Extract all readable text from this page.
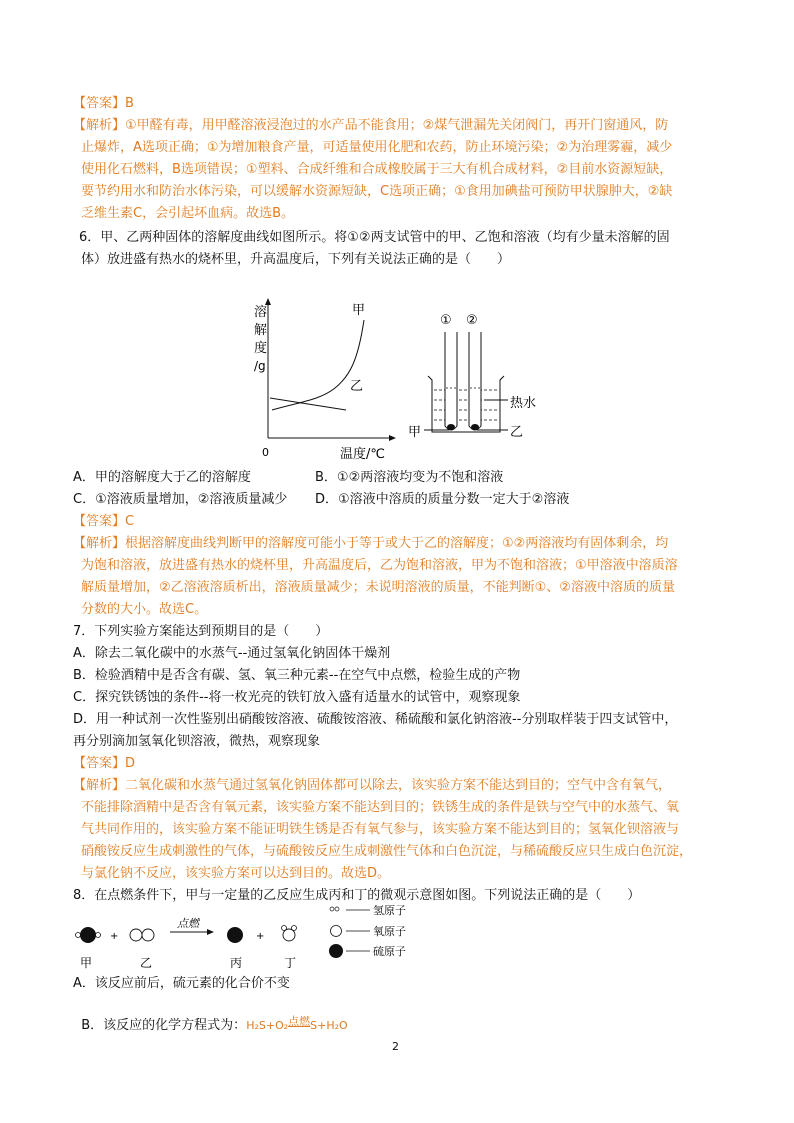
【答案】B
【解析】①甲醛有毒，用甲醛溶液浸泡过的水产品不能食用；②煤气泄漏先关闭阀门，再开门窗通风，防
止爆炸，A选项正确；①为增加粮食产量，可适量使用化肥和农药，防止环境污染；②为治理雾霾，减少
使用化石燃料，B选项错误；①塑料、合成纤维和合成橡胶属于三大有机合成材料，②目前水资源短缺，
要节约用水和防治水体污染，可以缓解水资源短缺，C选项正确；①食用加碘盐可预防甲状腺肿大，②缺
乏维生素C，会引起坏血病。故选B。
6．甲、乙两种固体的溶解度曲线如图所示。将①②两支试管中的甲、乙饱和溶液（均有少量未溶解的固
体）放进盛有热水的烧杯里，升高温度后，下列有关说法正确的是（　　）
溶
解
度
/g
0	温度/℃
甲
乙
① ②
热水
甲	乙
A．甲的溶解度大于乙的溶解度	B．①②两溶液均变为不饱和溶液
C．①溶液质量增加，②溶液质量减少 D．①溶液中溶质的质量分数一定大于②溶液
【答案】C
【解析】根据溶解度曲线判断甲的溶解度可能小于等于或大于乙的溶解度；①②两溶液均有固体剩余，均
为饱和溶液，放进盛有热水的烧杯里，升高温度后，乙为饱和溶液，甲为不饱和溶液；①甲溶液中溶质溶
解质量增加，②乙溶液溶质析出，溶液质量减少；未说明溶液的质量，不能判断①、②溶液中溶质的质量
分数的大小。故选C。
7．下列实验方案能达到预期目的是（　　）
A．除去二氧化碳中的水蒸气--通过氢氧化钠固体干燥剂
B．检验酒精中是否含有碳、氢、氧三种元素--在空气中点燃，检验生成的产物
C．探究铁锈蚀的条件--将一枚光亮的铁钉放入盛有适量水的试管中，观察现象
D．用一种试剂一次性鉴别出硝酸铵溶液、硫酸铵溶液、稀硫酸和氯化钠溶液--分别取样装于四支试管中，
再分别滴加氢氧化钡溶液，微热，观察现象
【答案】D
【解析】二氧化碳和水蒸气通过氢氧化钠固体都可以除去，该实验方案不能达到目的；空气中含有氧气，
不能排除酒精中是否含有氧元素，该实验方案不能达到目的；铁锈生成的条件是铁与空气中的水蒸气、氧
气共同作用的，该实验方案不能证明铁生锈是否有氧气参与，该实验方案不能达到目的；氢氧化钡溶液与
硝酸铵反应生成刺激性的气体，与硫酸铵反应生成刺激性气体和白色沉淀，与稀硫酸反应只生成白色沉淀，
与氯化钠不反应，该实验方案可以达到目的。故选D。
8．在点燃条件下，甲与一定量的乙反应生成丙和丁的微观示意图如图。下列说法正确的是（　　）
+
点燃
+
甲	乙	丙	丁
氢原子
氧原子
硫原子
A．该反应前后，硫元素的化合价不变

B．该反应的化学方程式为：H₂S+O₂$^{点燃}$S+H₂O

2
